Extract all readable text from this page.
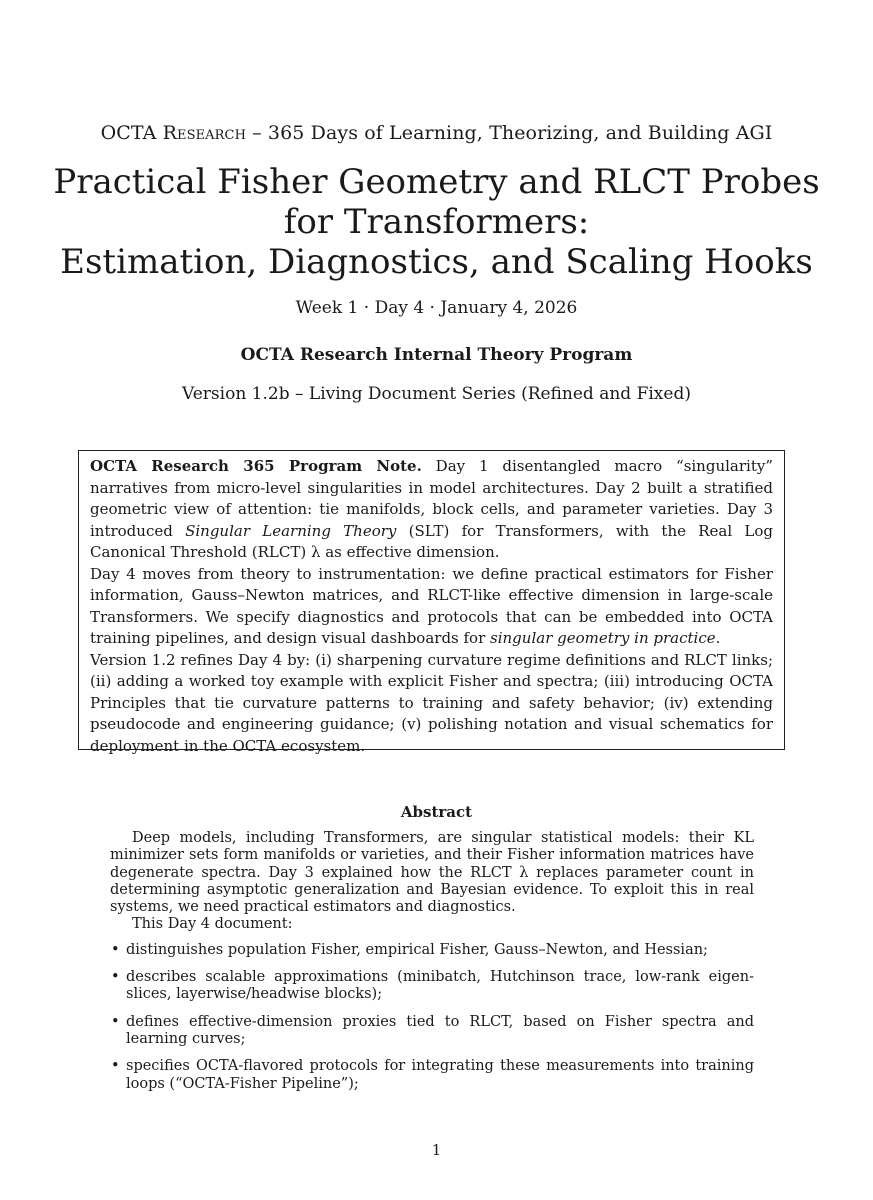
OCTA Research – 365 Days of Learning, Theorizing, and Building AGI
Practical Fisher Geometry and RLCT Probes
for Transformers:
Estimation, Diagnostics, and Scaling Hooks
Week 1 · Day 4 · January 4, 2026
OCTA Research Internal Theory Program
Version 1.2b – Living Document Series (Refined and Fixed)

OCTA Research 365 Program Note. Day 1 disentangled macro “singularity” narratives from micro-level singularities in model architectures. Day 2 built a stratified geometric view of attention: tie manifolds, block cells, and parameter varieties. Day 3 introduced Singular Learning Theory (SLT) for Transformers, with the Real Log Canonical Threshold (RLCT) λ as effective dimension.

Day 4 moves from theory to instrumentation: we define practical estimators for Fisher information, Gauss–Newton matrices, and RLCT-like effective dimension in large-scale Transformers. We specify diagnostics and protocols that can be embedded into OCTA training pipelines, and design visual dashboards for singular geometry in practice.

Version 1.2 refines Day 4 by: (i) sharpening curvature regime definitions and RLCT links; (ii) adding a worked toy example with explicit Fisher and spectra; (iii) introducing OCTA Principles that tie curvature patterns to training and safety behavior; (iv) extending pseudocode and engineering guidance; (v) polishing notation and visual schematics for deployment in the OCTA ecosystem.

Abstract

Deep models, including Transformers, are singular statistical models: their KL minimizer sets form manifolds or varieties, and their Fisher information matrices have degenerate spectra. Day 3 explained how the RLCT λ replaces parameter count in determining asymptotic generalization and Bayesian evidence. To exploit this in real systems, we need practical estimators and diagnostics.

This Day 4 document:

• distinguishes population Fisher, empirical Fisher, Gauss–Newton, and Hessian;
• describes scalable approximations (minibatch, Hutchinson trace, low-rank eigen-slices, layerwise/headwise blocks);
• defines effective-dimension proxies tied to RLCT, based on Fisher spectra and learning curves;
• specifies OCTA-flavored protocols for integrating these measurements into training loops (“OCTA-Fisher Pipeline”);
1
